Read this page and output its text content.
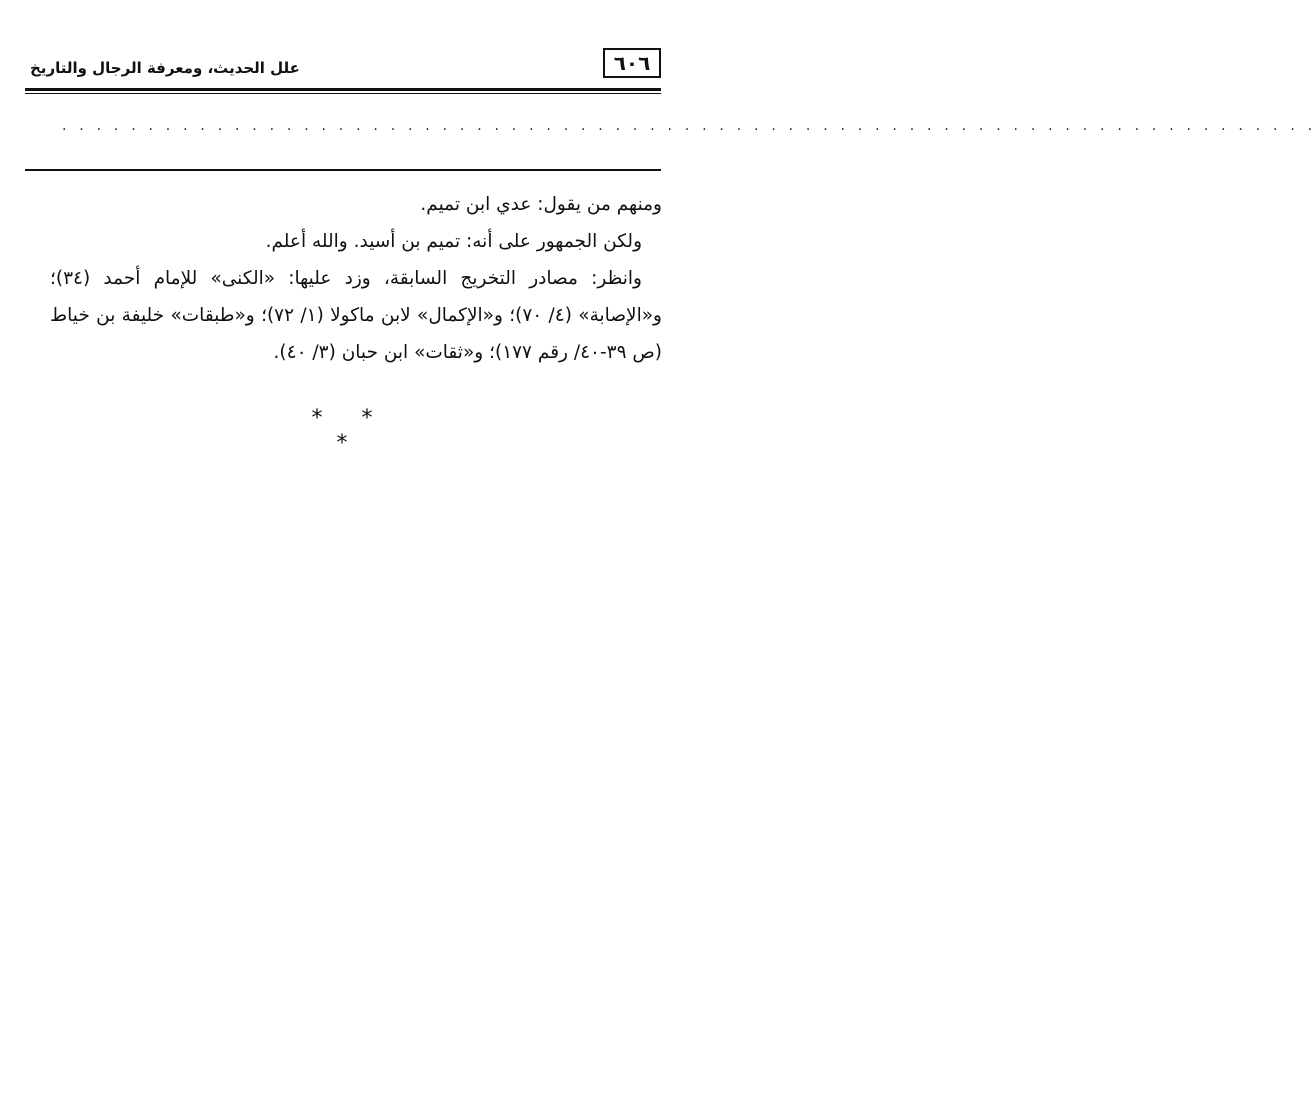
٦٠٦
علل الحديث، ومعرفة الرجال والتاريخ
. . . . . . . . . . . . . . . . . . . . . . . . . . . . . . . . . . . . . . . . . . . . . . . . . . . . . . . . . . . . . . . . . . . . . . . . .

ومنهم من يقول: عدي ابن تميم.

ولكن الجمهور على أنه: تميم بن أسيد. والله أعلم.

وانظر: مصادر التخريج السابقة، وزد عليها: «الكنى» للإمام أحمد (٣٤)؛ و«الإصابة» (٤/ ٧٠)؛ و«الإكمال» لابن ماكولا (١/ ٧٢)؛ و«طبقات» خليفة بن خياط (ص ٣٩-٤٠/ رقم ١٧٧)؛ و«ثقات» ابن حبان (٣/ ٤٠).

* * *
